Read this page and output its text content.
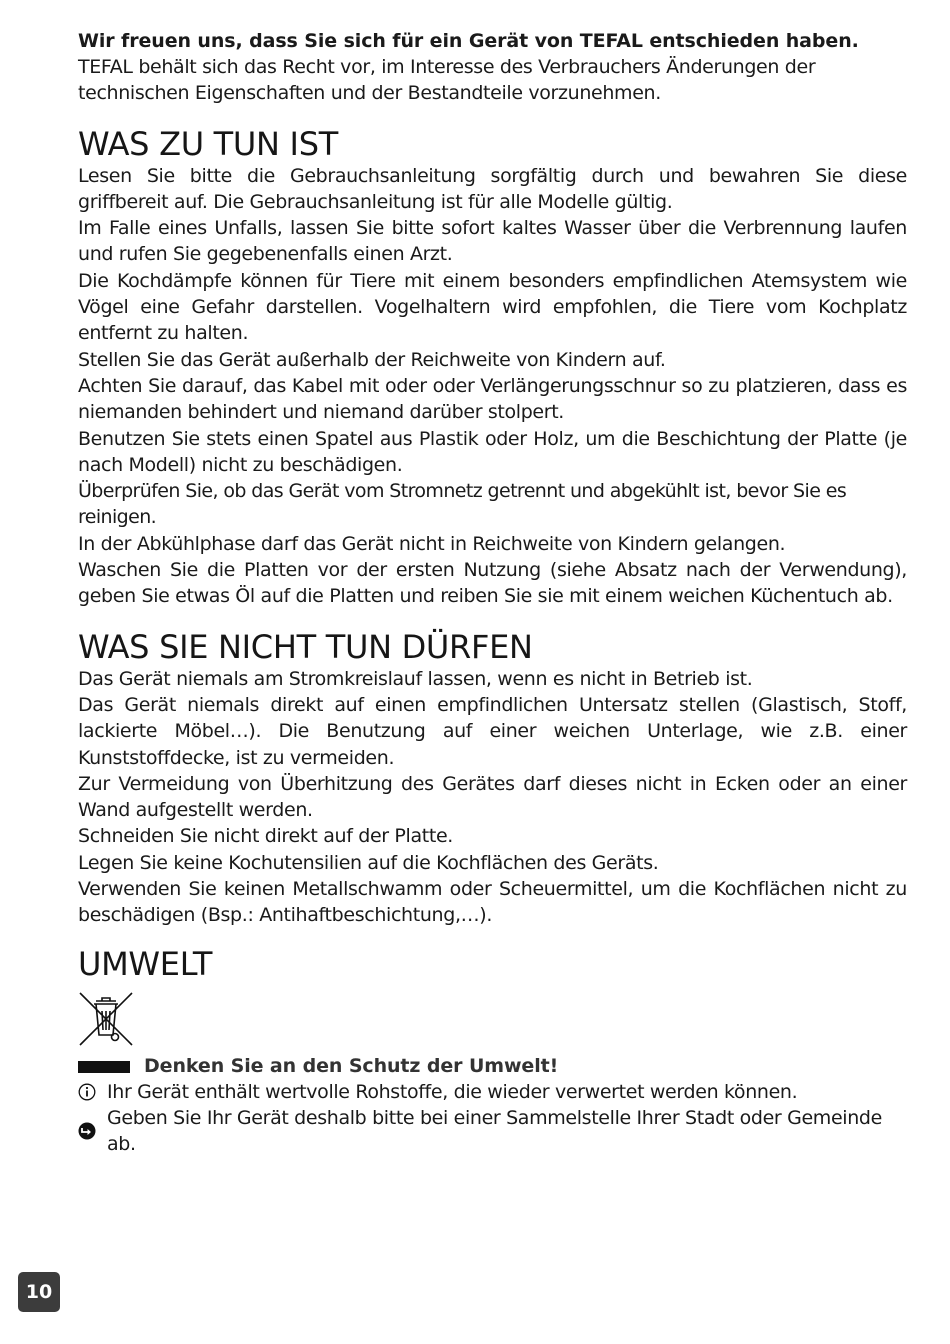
Wir freuen uns, dass Sie sich für ein Gerät von TEFAL entschieden haben.

TEFAL behält sich das Recht vor, im Interesse des Verbrauchers Änderungen der technischen Eigenschaften und der Bestandteile vorzunehmen.

WAS ZU TUN IST

Lesen Sie bitte die Gebrauchsanleitung sorgfältig durch und bewahren Sie diese griffbereit auf. Die Gebrauchsanleitung ist für alle Modelle gültig.

Im Falle eines Unfalls, lassen Sie bitte sofort kaltes Wasser über die Verbrennung laufen und rufen Sie gegebenenfalls einen Arzt.

Die Kochdämpfe können für Tiere mit einem besonders empfindlichen Atemsystem wie Vögel eine Gefahr darstellen. Vogelhaltern wird empfohlen, die Tiere vom Kochplatz entfernt zu halten.

Stellen Sie das Gerät außerhalb der Reichweite von Kindern auf.

Achten Sie darauf, das Kabel mit oder oder Verlängerungsschnur so zu platzieren, dass es niemanden behindert und niemand darüber stolpert.

Benutzen Sie stets einen Spatel aus Plastik oder Holz, um die Beschichtung der Platte (je nach Modell) nicht zu beschädigen.

Überprüfen Sie, ob das Gerät vom Stromnetz getrennt und abgekühlt ist, bevor Sie es reinigen.

In der Abkühlphase darf das Gerät nicht in Reichweite von Kindern gelangen.

Waschen Sie die Platten vor der ersten Nutzung (siehe Absatz nach der Verwendung), geben Sie etwas Öl auf die Platten und reiben Sie sie mit einem weichen Küchentuch ab.

WAS SIE NICHT TUN DÜRFEN

Das Gerät niemals am Stromkreislauf lassen, wenn es nicht in Betrieb ist.

Das Gerät niemals direkt auf einen empfindlichen Untersatz stellen (Glastisch, Stoff, lackierte Möbel…). Die Benutzung auf einer weichen Unterlage, wie z.B. einer Kunststoffdecke, ist zu vermeiden.

Zur Vermeidung von Überhitzung des Gerätes darf dieses nicht in Ecken oder an einer Wand aufgestellt werden.

Schneiden Sie nicht direkt auf der Platte.

Legen Sie keine Kochutensilien auf die Kochflächen des Geräts.

Verwenden Sie keinen Metallschwamm oder Scheuermittel, um die Kochflächen nicht zu beschädigen (Bsp.: Antihaftbeschichtung,…).

UMWELT
Denken Sie an den Schutz der Umwelt!
Ihr Gerät enthält wertvolle Rohstoffe, die wieder verwertet werden können.
Geben Sie Ihr Gerät deshalb bitte bei einer Sammelstelle Ihrer Stadt oder Gemeinde ab.
10
